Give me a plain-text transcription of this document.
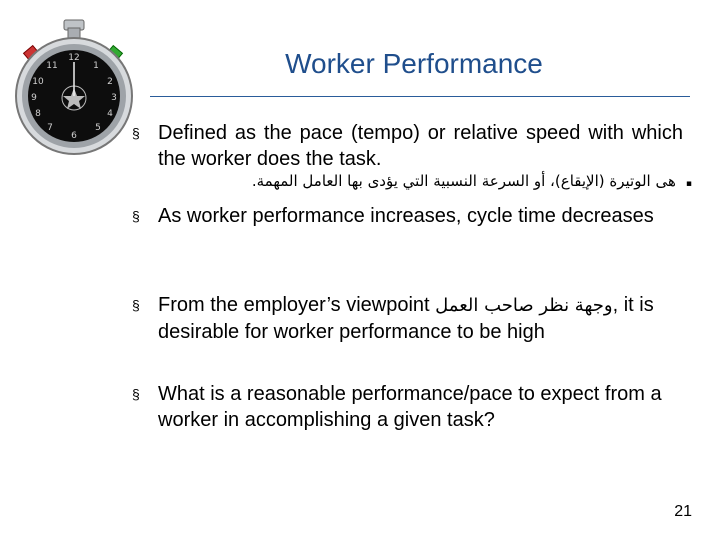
12
1
2
3
4
5
6
7
8
9
10
11	Worker Performance
§ Defined as the pace (tempo) or relative speed with which the worker does the task.
▪هى الوتيرة (الإيقاع)، أو السرعة النسبية التي يؤدى بها العامل المهمة.
§ As worker performance increases, cycle time decreases
§ From the employer’s viewpoint وجهة نظر صاحب العمل, it is desirable for worker performance to be high
§ What is a reasonable performance/pace to expect from a worker in accomplishing a given task?
21
